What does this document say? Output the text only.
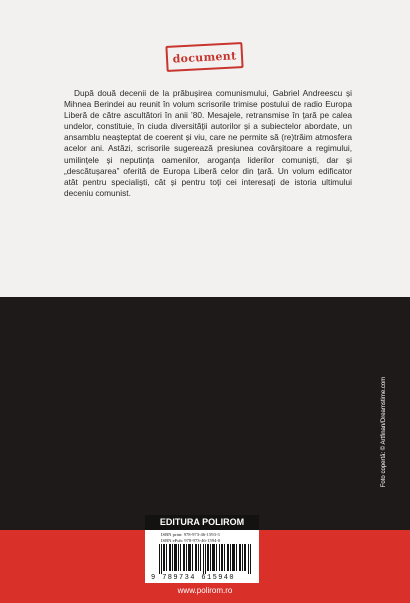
document

După două decenii de la prăbușirea comunismului, Gabriel Andreescu și Mihnea Berindei au reunit în volum scrisorile trimise postului de radio Europa Liberă de către ascultători în anii ’80. Mesajele, retransmise în țară pe calea undelor, constituie, în ciuda diversității autorilor și a subiectelor abordate, un ansamblu neașteptat de coerent și viu, care ne permite să (re)trăim atmosfera acelor ani. Astăzi, scrisorile sugerează presiunea covârșitoare a regimului, umilințele și neputința oamenilor, aroganța liderilor comuniști, dar și „descătușarea” oferită de Europa Liberă celor din țară. Un volum edificator atât pentru specialiști, cât și pentru toți cei interesați de istoria ultimului deceniu comunist.

Foto copertă: © Artfinan/Dreamstime.com
EDITURA POLIROM
ISBN print: 978-973-46-1593-3
ISBN ePub: 978-973-46-1594-0
9 789734 615940
www.polirom.ro
